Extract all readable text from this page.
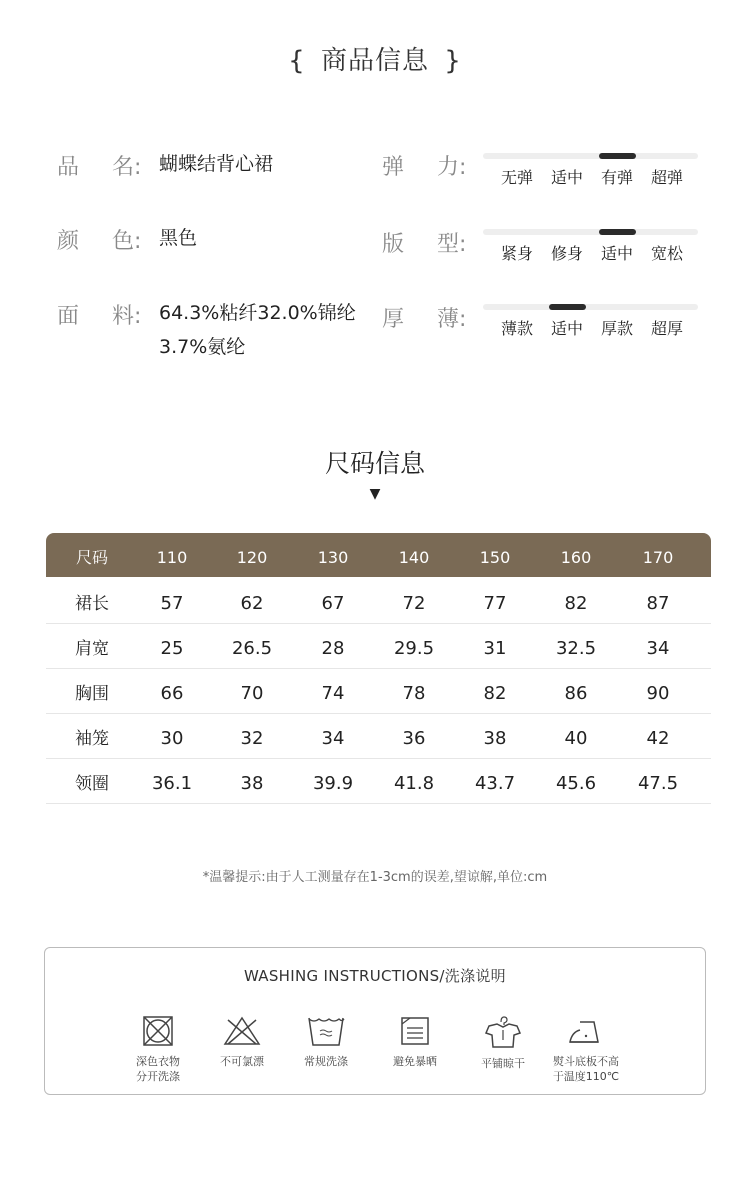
{ 商品信息 }
品 名: 蝴蝶结背心裙
颜 色: 黑色
面 料: 64.3%粘纤32.0%锦纶
3.7%氨纶
弹 力:	无弹	适中	有弹	超弹
版 型:	紧身	修身	适中	宽松
厚 薄:	薄款	适中	厚款	超厚
尺码信息
▼
尺码	110	120	130	140	150	160	170
裙长	57	62	67	72	77	82	87
肩宽	25	26.5	28	29.5	31	32.5	34
胸围	66	70	74	78	82	86	90
袖笼	30	32	34	36	38	40	42
领圈	36.1	38	39.9	41.8	43.7	45.6	47.5
*温馨提示:由于人工测量存在1-3cm的误差,望谅解,单位:cm
WASHING INSTRUCTIONS/洗涤说明
深色衣物
分开洗涤
不可氯漂	常规洗涤	避免暴晒	平铺晾干	熨斗底板不高
于温度110℃
